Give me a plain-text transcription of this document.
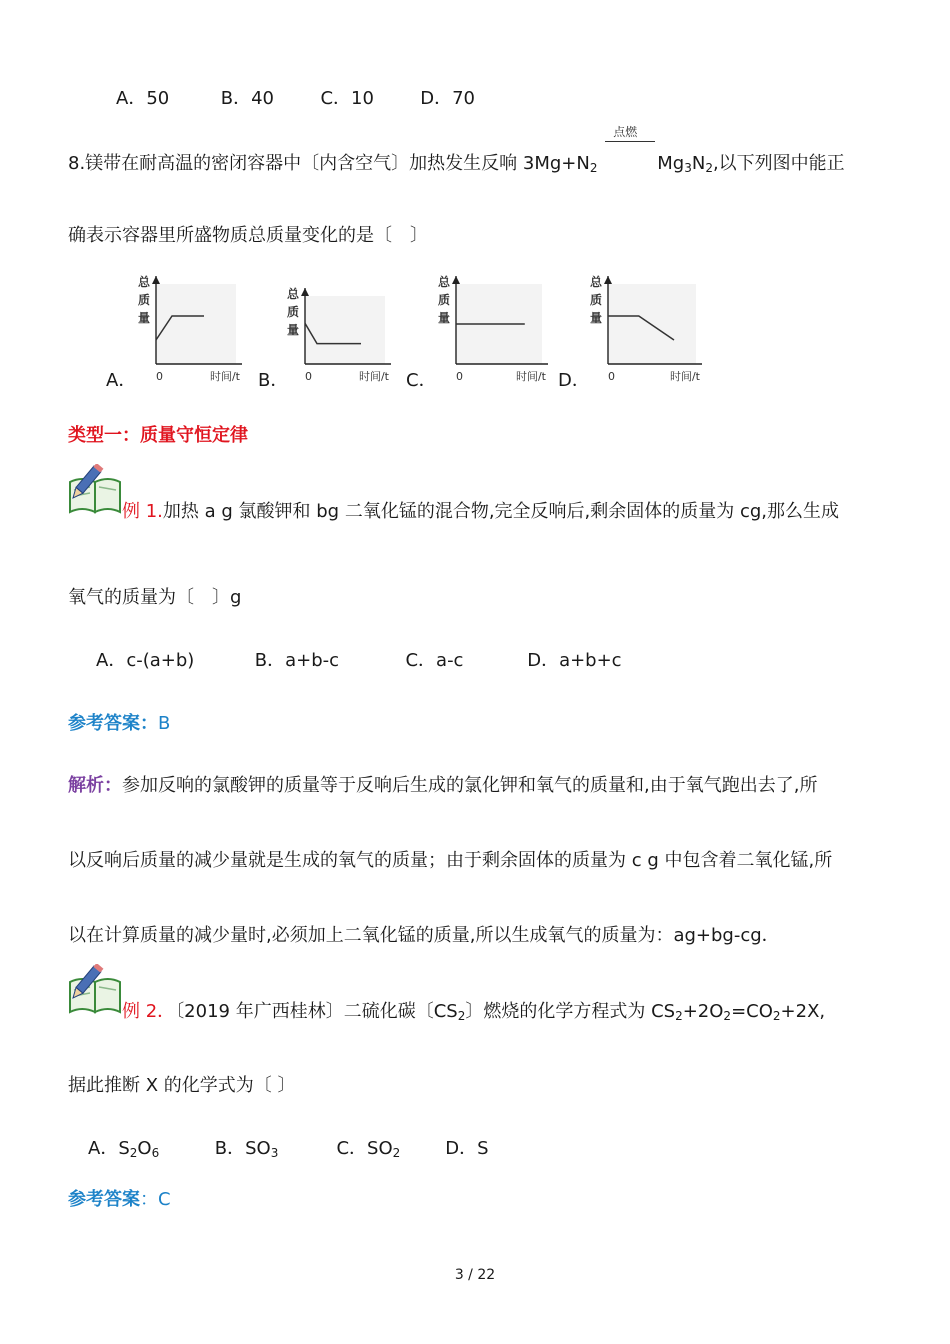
A．50	B．40	C．10	D．70
8.镁带在耐高温的密闭容器中〔内含空气〕加热发生反响 $3Mg+N_2$
点燃
$Mg_3N_2$,以下列图中能正
确表示容器里所盛物质总质量变化的是〔　〕
A．	B．	C．	D．
总
质
量
0	时间/t
总
质
量
0	时间/t
总
质
量
0	时间/t
总
质
量
0	时间/t
类型一：质量守恒定律
例 1.加热 a g 氯酸钾和 bg 二氧化锰的混合物,完全反响后,剩余固体的质量为 cg,那么生成
氧气的质量为〔　〕g
A．c-(a+b)	B．a+b-c	C．a-c	D．a+b+c
参考答案：B
解析：参加反响的氯酸钾的质量等于反响后生成的氯化钾和氧气的质量和,由于氧气跑出去了,所
以反响后质量的减少量就是生成的氧气的质量；由于剩余固体的质量为 c g 中包含着二氧化锰,所
以在计算质量的减少量时,必须加上二氧化锰的质量,所以生成氧气的质量为：ag+bg-cg．
例 2．〔2019 年广西桂林〕二硫化碳〔$CS_2$〕燃烧的化学方程式为 $CS_2+2O_2=CO_2+2X$,
据此推断 X 的化学式为〔 〕
A．$S_2O_6$	B．$SO_3$	C．$SO_2$ D．S
参考答案：C
3 / 22
